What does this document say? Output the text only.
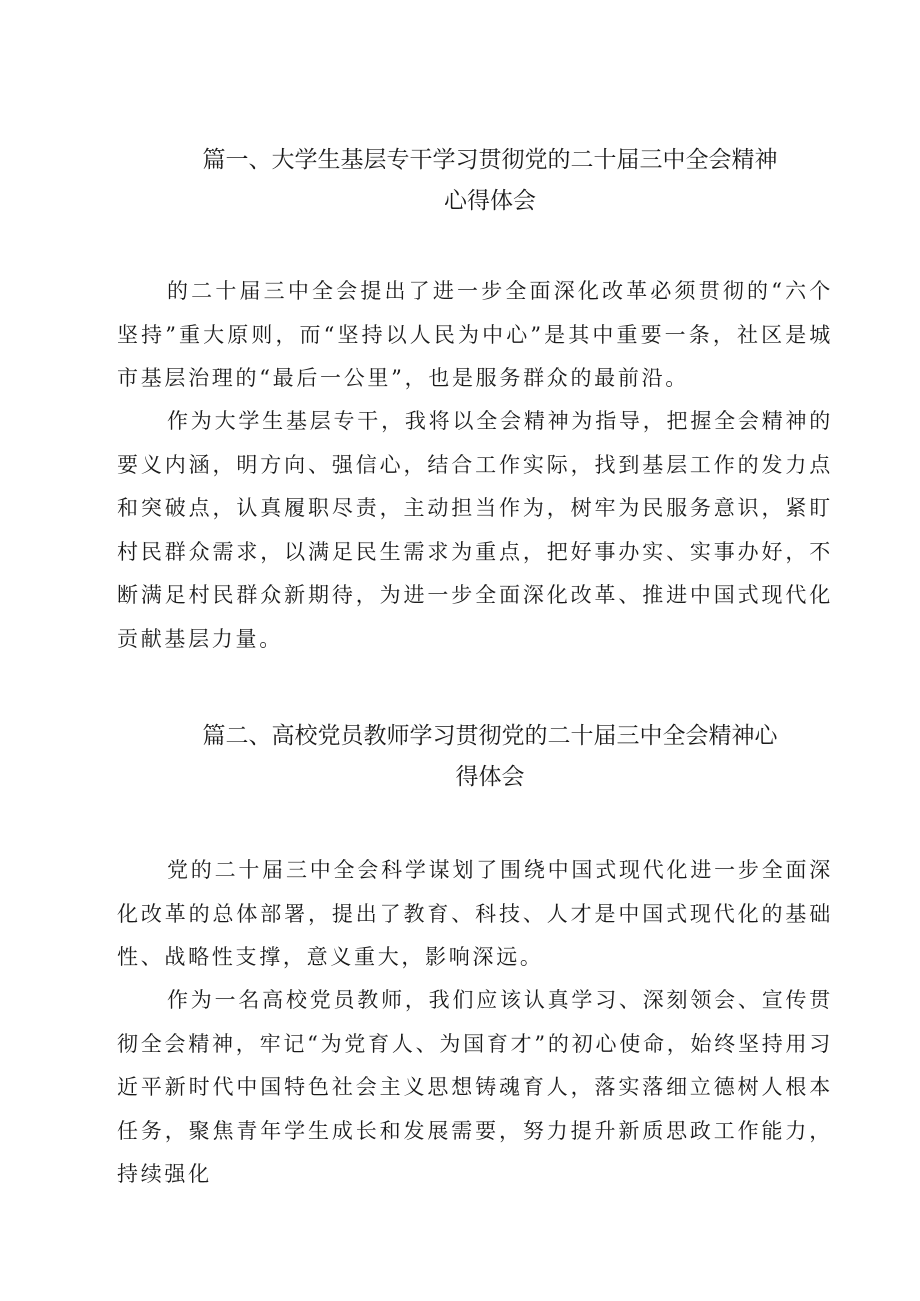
篇一、大学生基层专干学习贯彻党的二十届三中全会精神
心得体会

的二十届三中全会提出了进一步全面深化改革必须贯彻的“六个坚持”重大原则，而“坚持以人民为中心”是其中重要一条，社区是城市基层治理的“最后一公里”，也是服务群众的最前沿。

作为大学生基层专干，我将以全会精神为指导，把握全会精神的要义内涵，明方向、强信心，结合工作实际，找到基层工作的发力点和突破点，认真履职尽责，主动担当作为，树牢为民服务意识，紧盯村民群众需求，以满足民生需求为重点，把好事办实、实事办好，不断满足村民群众新期待，为进一步全面深化改革、推进中国式现代化贡献基层力量。

篇二、高校党员教师学习贯彻党的二十届三中全会精神心
得体会

党的二十届三中全会科学谋划了围绕中国式现代化进一步全面深化改革的总体部署，提出了教育、科技、人才是中国式现代化的基础性、战略性支撑，意义重大，影响深远。

作为一名高校党员教师，我们应该认真学习、深刻领会、宣传贯彻全会精神，牢记“为党育人、为国育才”的初心使命，始终坚持用习近平新时代中国特色社会主义思想铸魂育人，落实落细立德树人根本任务，聚焦青年学生成长和发展需要，努力提升新质思政工作能力，持续强化
